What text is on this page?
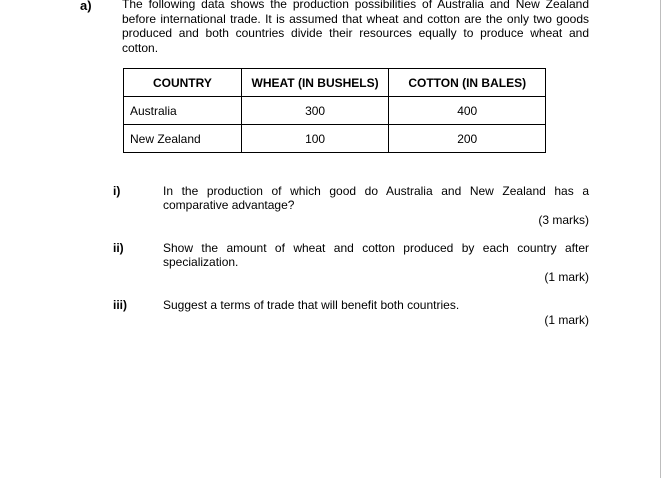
a)	The following data shows the production possibilities of Australia and New Zealand before international trade. It is assumed that wheat and cotton are the only two goods produced and both countries divide their resources equally to produce wheat and cotton.
COUNTRY	WHEAT (IN BUSHELS)	COTTON (IN BALES)
Australia	300	400
New Zealand	100	200
i)	In the production of which good do Australia and New Zealand has a comparative advantage?
(3 marks)
ii)	Show the amount of wheat and cotton produced by each country after specialization.
(1 mark)
iii)	Suggest a terms of trade that will benefit both countries.
(1 mark)
